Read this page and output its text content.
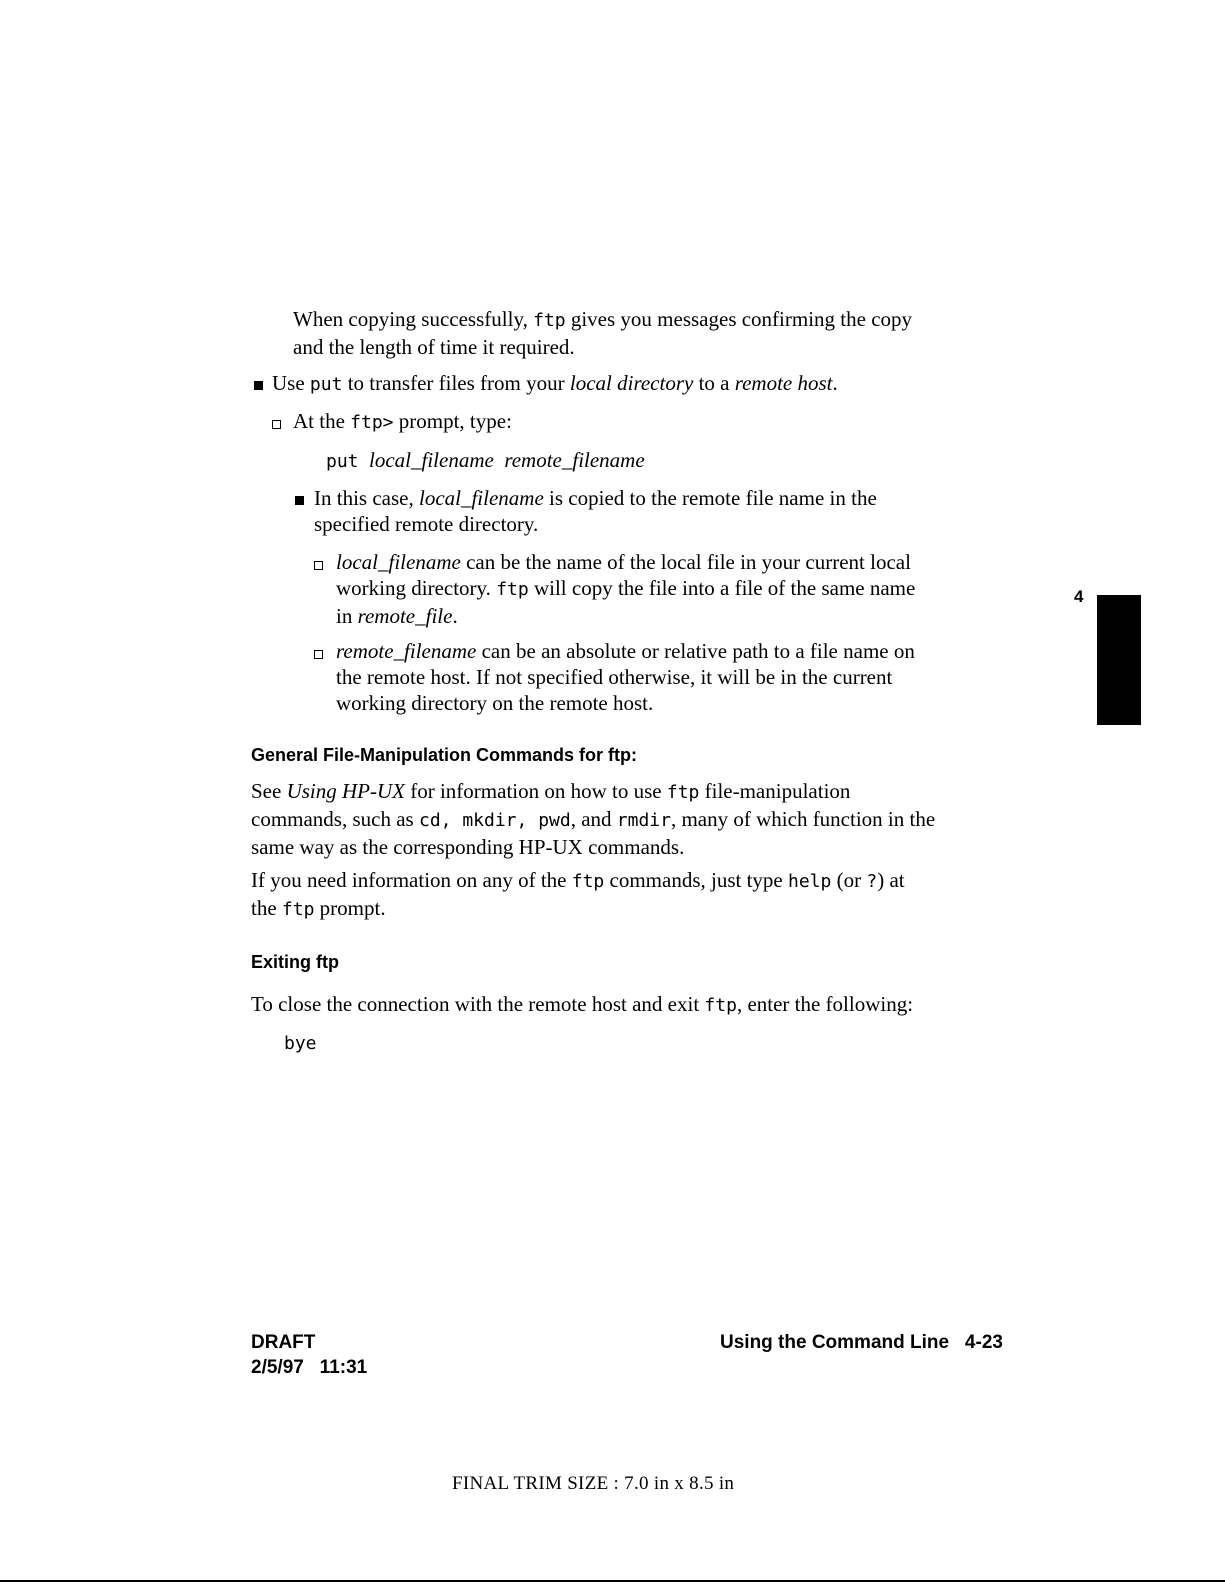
When copying successfully, ftp gives you messages confirming the copy
and the length of time it required.
Use put to transfer files from your local directory to a remote host.
At the ftp> prompt, type:
put local_filename remote_filename
In this case, local_filename is copied to the remote file name in the
specified remote directory.
local_filename can be the name of the local file in your current local
working directory. ftp will copy the file into a file of the same name
in remote_file.
remote_filename can be an absolute or relative path to a file name on
the remote host. If not specified otherwise, it will be in the current
working directory on the remote host.
General File-Manipulation Commands for ftp:
See Using HP-UX for information on how to use ftp file-manipulation
commands, such as cd, mkdir, pwd, and rmdir, many of which function in the
same way as the corresponding HP-UX commands.
If you need information on any of the ftp commands, just type help (or ?) at
the ftp prompt.
Exiting ftp
To close the connection with the remote host and exit ftp, enter the following:
bye
4
DRAFT
2/5/97 11:31
Using the Command Line 4-23
FINAL TRIM SIZE : 7.0 in x 8.5 in
